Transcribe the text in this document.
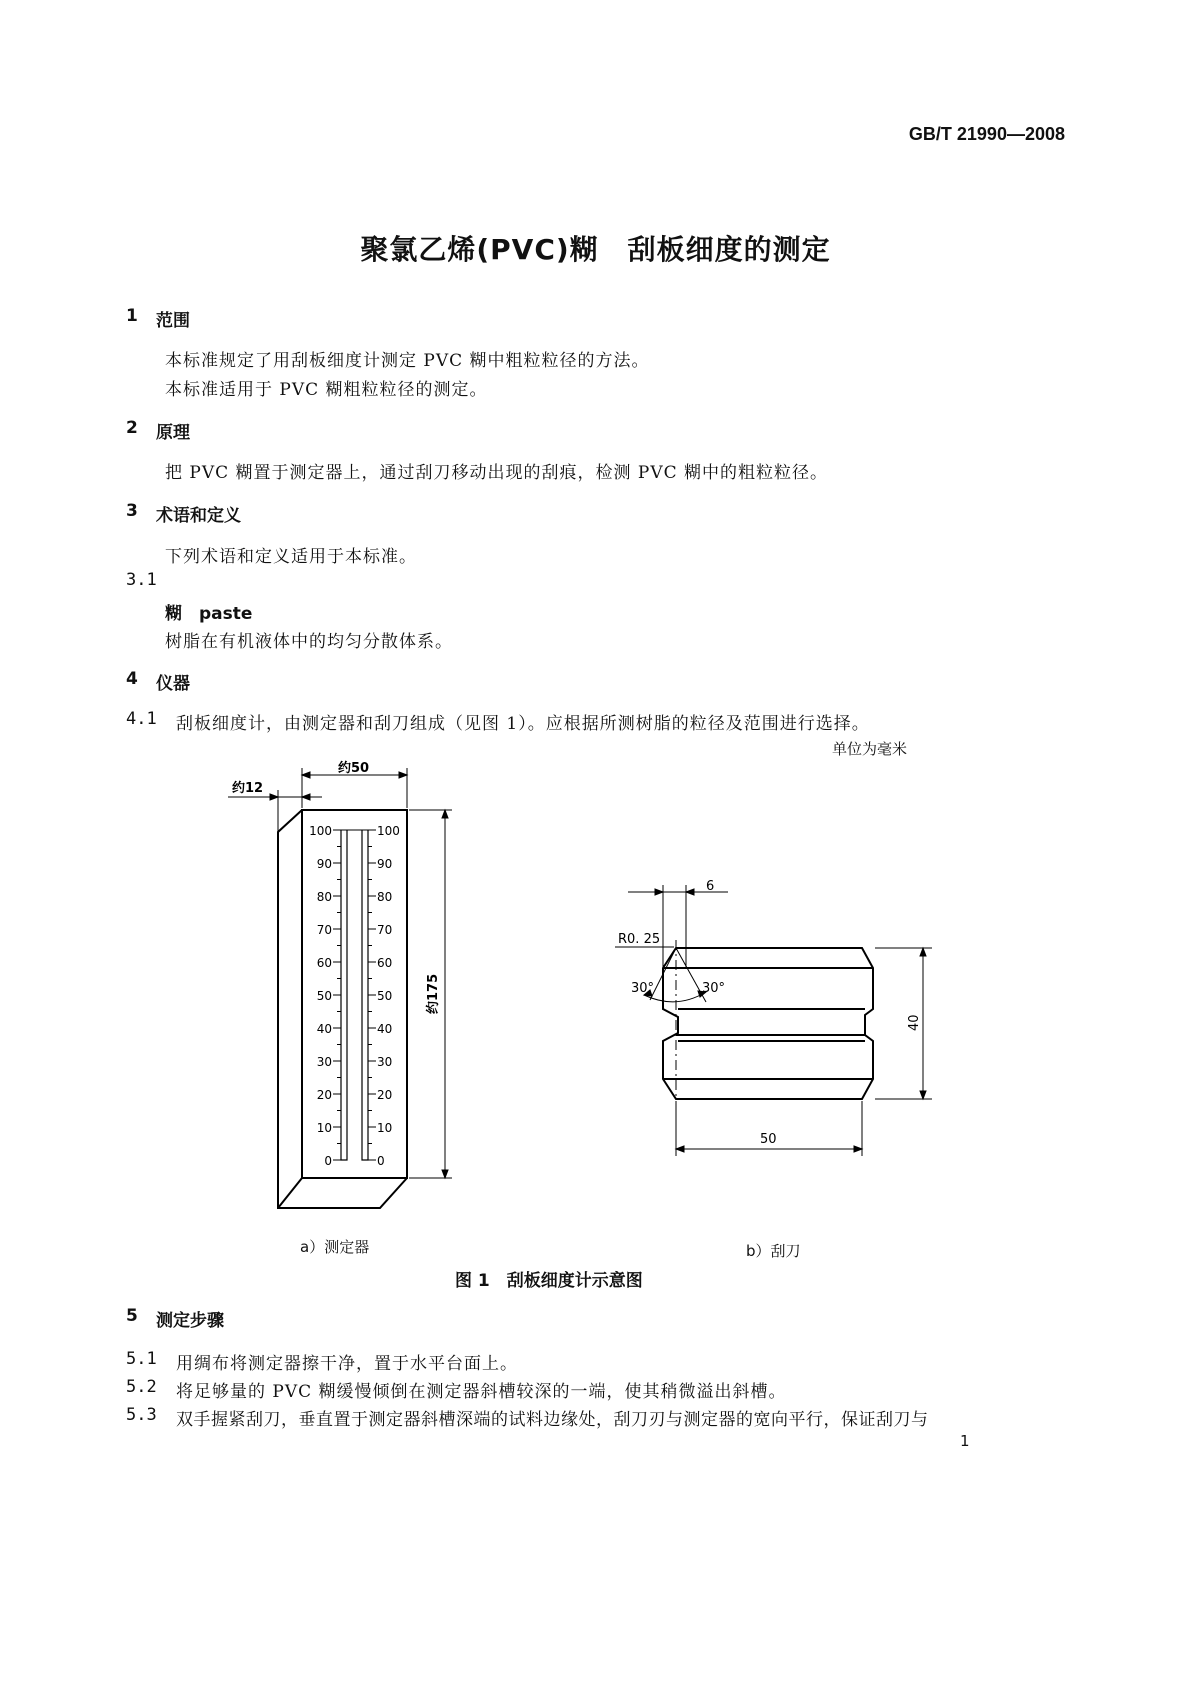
GB/T 21990—2008
聚氯乙烯(PVC)糊　刮板细度的测定
1 范围
本标准规定了用刮板细度计测定 PVC 糊中粗粒粒径的方法。
本标准适用于 PVC 糊粗粒粒径的测定。
2 原理
把 PVC 糊置于测定器上，通过刮刀移动出现的刮痕，检测 PVC 糊中的粗粒粒径。
3 术语和定义
下列术语和定义适用于本标准。
3.1
糊　paste
树脂在有机液体中的均匀分散体系。
4 仪器
4.1 刮板细度计，由测定器和刮刀组成（见图 1）。应根据所测树脂的粒径及范围进行选择。
单位为毫米
约50
约12
约175
100
90
80
70
60
50
40
30
20
10
0
100
90
80
70
60
50
40
30
20
10
0
6
R0. 25
30°	30°
40
50
a）测定器	b）刮刀
图 1　刮板细度计示意图
5 测定步骤
5.1 用绸布将测定器擦干净，置于水平台面上。
5.2 将足够量的 PVC 糊缓慢倾倒在测定器斜槽较深的一端，使其稍微溢出斜槽。
5.3 双手握紧刮刀，垂直置于测定器斜槽深端的试料边缘处，刮刀刃与测定器的宽向平行，保证刮刀与
1
